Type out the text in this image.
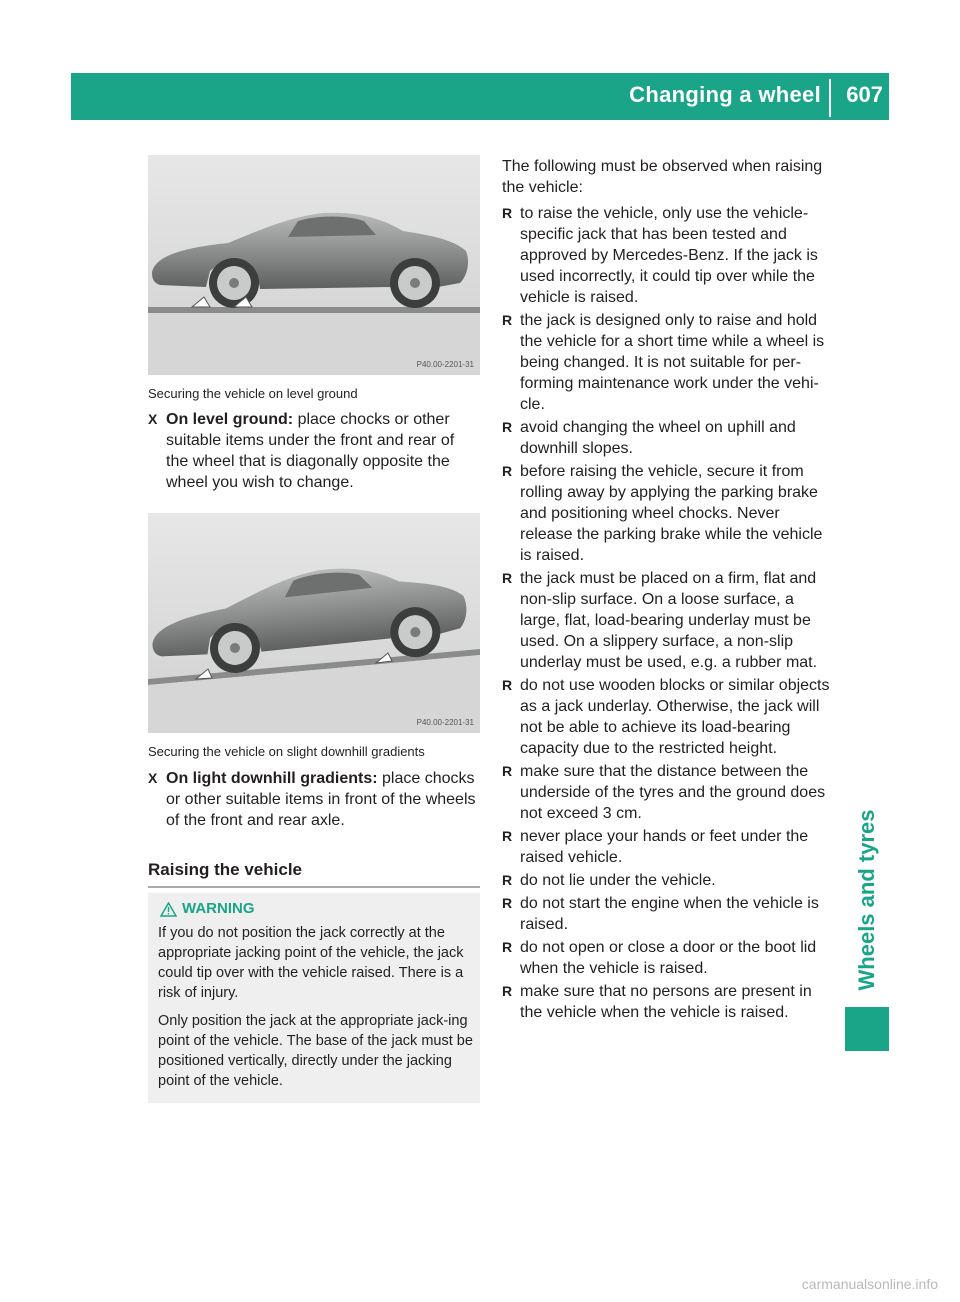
Changing a wheel 607
Wheels and tyres
P40.00-2201-31
Securing the vehicle on level ground
X On level ground: place chocks or other suitable items under the front and rear of the wheel that is diagonally opposite the wheel you wish to change.
P40.00-2201-31
Securing the vehicle on slight downhill gradients
X On light downhill gradients: place chocks or other suitable items in front of the wheels of the front and rear axle.
Raising the vehicle
WARNING
If you do not position the jack correctly at the appropriate jacking point of the vehicle, the jack could tip over with the vehicle raised. There is a risk of injury.
Only position the jack at the appropriate jack-ing point of the vehicle. The base of the jack must be positioned vertically, directly under the jacking point of the vehicle.
The following must be observed when raising the vehicle:
R to raise the vehicle, only use the vehicle-specific jack that has been tested and approved by Mercedes-Benz. If the jack is used incorrectly, it could tip over while the vehicle is raised.
R the jack is designed only to raise and hold the vehicle for a short time while a wheel is being changed. It is not suitable for per-forming maintenance work under the vehi-cle.
R avoid changing the wheel on uphill and downhill slopes.
R before raising the vehicle, secure it from rolling away by applying the parking brake and positioning wheel chocks. Never release the parking brake while the vehicle is raised.
R the jack must be placed on a firm, flat and non-slip surface. On a loose surface, a large, flat, load-bearing underlay must be used. On a slippery surface, a non-slip underlay must be used, e.g. a rubber mat.
R do not use wooden blocks or similar objects as a jack underlay. Otherwise, the jack will not be able to achieve its load-bearing capacity due to the restricted height.
R make sure that the distance between the underside of the tyres and the ground does not exceed 3 cm.
R never place your hands or feet under the raised vehicle.
R do not lie under the vehicle.
R do not start the engine when the vehicle is raised.
R do not open or close a door or the boot lid when the vehicle is raised.
R make sure that no persons are present in the vehicle when the vehicle is raised.
carmanualsonline.info
